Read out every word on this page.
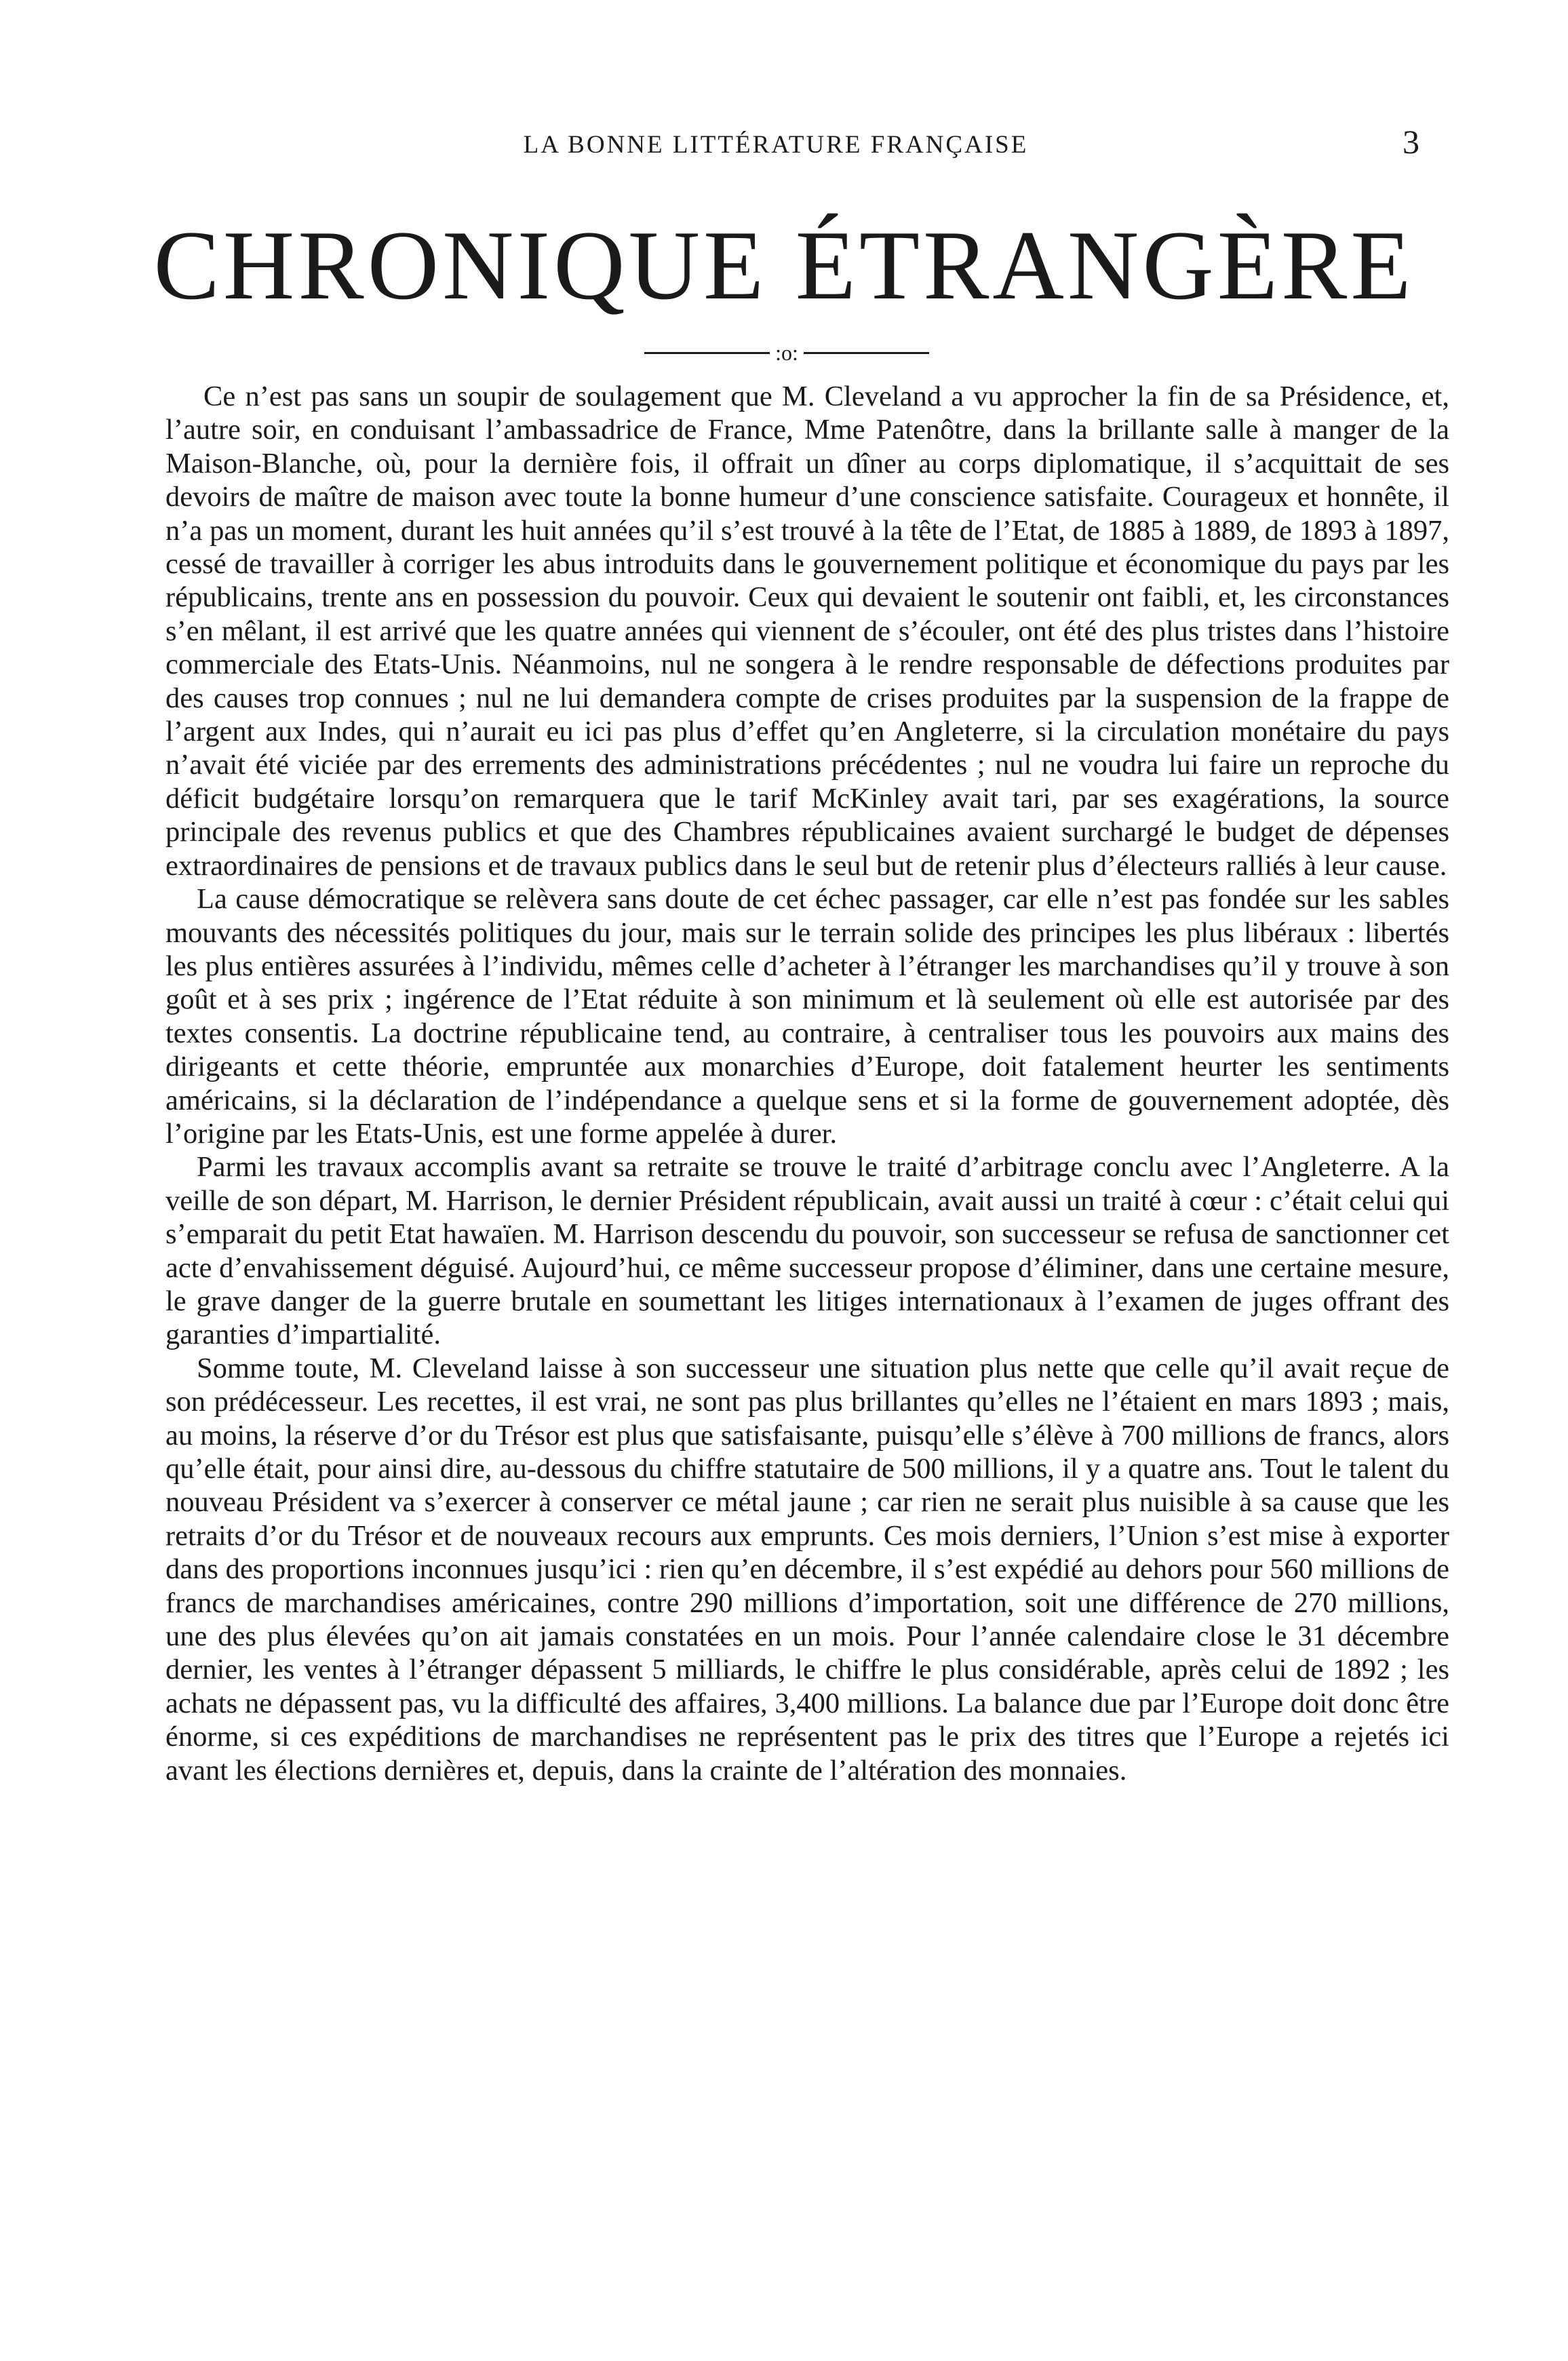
LA BONNE LITTÉRATURE FRANÇAISE	3
CHRONIQUE ÉTRANGÈRE
:o:

Ce n’est pas sans un soupir de soulagement que M. Cleveland a vu approcher la fin de sa Présidence, et, l’autre soir, en conduisant l’ambassadrice de France, Mme Patenôtre, dans la brillante salle à manger de la Maison-Blanche, où, pour la dernière fois, il offrait un dîner au corps diplomatique, il s’acquittait de ses devoirs de maître de maison avec toute la bonne humeur d’une conscience satisfaite. Courageux et honnête, il n’a pas un moment, durant les huit années qu’il s’est trouvé à la tête de l’Etat, de 1885 à 1889, de 1893 à 1897, cessé de travailler à corriger les abus introduits dans le gouvernement politique et économique du pays par les républicains, trente ans en possession du pouvoir. Ceux qui devaient le soutenir ont faibli, et, les circonstances s’en mêlant, il est arrivé que les quatre années qui viennent de s’écouler, ont été des plus tristes dans l’histoire commerciale des Etats-Unis. Néanmoins, nul ne songera à le rendre responsable de défections produites par des causes trop connues ; nul ne lui demandera compte de crises produites par la suspension de la frappe de l’argent aux Indes, qui n’aurait eu ici pas plus d’effet qu’en Angleterre, si la circulation monétaire du pays n’avait été viciée par des errements des administrations précédentes ; nul ne voudra lui faire un reproche du déficit budgétaire lorsqu’on remarquera que le tarif McKinley avait tari, par ses exagérations, la source principale des revenus publics et que des Chambres républicaines avaient surchargé le budget de dépenses extraordinaires de pensions et de travaux publics dans le seul but de retenir plus d’électeurs ralliés à leur cause.

La cause démocratique se relèvera sans doute de cet échec passager, car elle n’est pas fondée sur les sables mouvants des nécessités politiques du jour, mais sur le terrain solide des principes les plus libéraux : libertés les plus entières assurées à l’individu, mêmes celle d’acheter à l’étranger les marchandises qu’il y trouve à son goût et à ses prix ; ingérence de l’Etat réduite à son minimum et là seulement où elle est autorisée par des textes consentis. La doctrine républicaine tend, au contraire, à centraliser tous les pouvoirs aux mains des dirigeants et cette théorie, empruntée aux monarchies d’Europe, doit fatalement heurter les sentiments américains, si la déclaration de l’indépendance a quelque sens et si la forme de gouvernement adoptée, dès l’origine par les Etats-Unis, est une forme appelée à durer.

Parmi les travaux accomplis avant sa retraite se trouve le traité d’arbitrage conclu avec l’Angleterre. A la veille de son départ, M. Harrison, le dernier Président républicain, avait aussi un traité à cœur : c’était celui qui s’emparait du petit Etat hawaïen. M. Harrison descendu du pouvoir, son successeur se refusa de sanctionner cet acte d’envahissement déguisé. Aujourd’hui, ce même successeur propose d’éliminer, dans une certaine mesure, le grave danger de la guerre brutale en soumettant les litiges internationaux à l’examen de juges offrant des garanties d’impartialité.

Somme toute, M. Cleveland laisse à son successeur une situation plus nette que celle qu’il avait reçue de son prédécesseur. Les recettes, il est vrai, ne sont pas plus brillantes qu’elles ne l’étaient en mars 1893 ; mais, au moins, la réserve d’or du Trésor est plus que satisfaisante, puisqu’elle s’élève à 700 millions de francs, alors qu’elle était, pour ainsi dire, au-dessous du chiffre statutaire de 500 millions, il y a quatre ans. Tout le talent du nouveau Président va s’exercer à conserver ce métal jaune ; car rien ne serait plus nuisible à sa cause que les retraits d’or du Trésor et de nouveaux recours aux emprunts. Ces mois derniers, l’Union s’est mise à exporter dans des proportions inconnues jusqu’ici : rien qu’en décembre, il s’est expédié au dehors pour 560 millions de francs de marchandises américaines, contre 290 millions d’importation, soit une différence de 270 millions, une des plus élevées qu’on ait jamais constatées en un mois. Pour l’année calendaire close le 31 décembre dernier, les ventes à l’étranger dépassent 5 milliards, le chiffre le plus considérable, après celui de 1892 ; les achats ne dépassent pas, vu la difficulté des affaires, 3,400 millions. La balance due par l’Europe doit donc être énorme, si ces expéditions de marchandises ne représentent pas le prix des titres que l’Europe a rejetés ici avant les élections dernières et, depuis, dans la crainte de l’altération des monnaies.
